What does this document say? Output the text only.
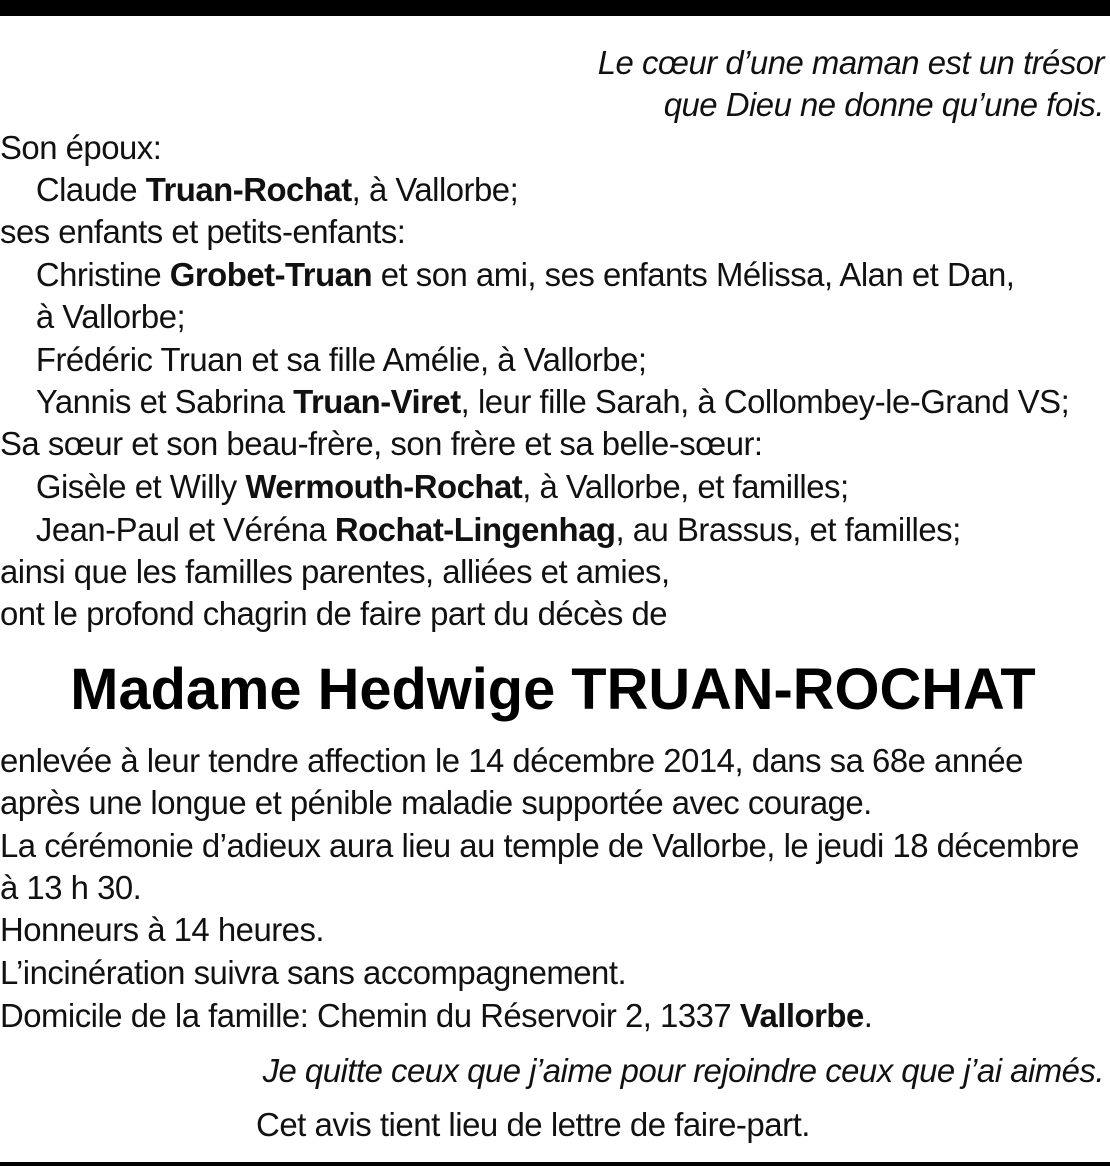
Le cœur d’une maman est un trésor
que Dieu ne donne qu’une fois.
Son époux:
Claude Truan-Rochat, à Vallorbe;
ses enfants et petits-enfants:
Christine Grobet-Truan et son ami, ses enfants Mélissa, Alan et Dan,
à Vallorbe;
Frédéric Truan et sa fille Amélie, à Vallorbe;
Yannis et Sabrina Truan-Viret, leur fille Sarah, à Collombey-le-Grand VS;
Sa sœur et son beau-frère, son frère et sa belle-sœur:
Gisèle et Willy Wermouth-Rochat, à Vallorbe, et familles;
Jean-Paul et Véréna Rochat-Lingenhag, au Brassus, et familles;
ainsi que les familles parentes, alliées et amies,
ont le profond chagrin de faire part du décès de
Madame Hedwige TRUAN-ROCHAT
enlevée à leur tendre affection le 14 décembre 2014, dans sa 68e année
après une longue et pénible maladie supportée avec courage.
La cérémonie d’adieux aura lieu au temple de Vallorbe, le jeudi 18 décembre
à 13 h 30.
Honneurs à 14 heures.
L’incinération suivra sans accompagnement.
Domicile de la famille: Chemin du Réservoir 2, 1337 Vallorbe.
Je quitte ceux que j’aime pour rejoindre ceux que j’ai aimés.
Cet avis tient lieu de lettre de faire-part.
